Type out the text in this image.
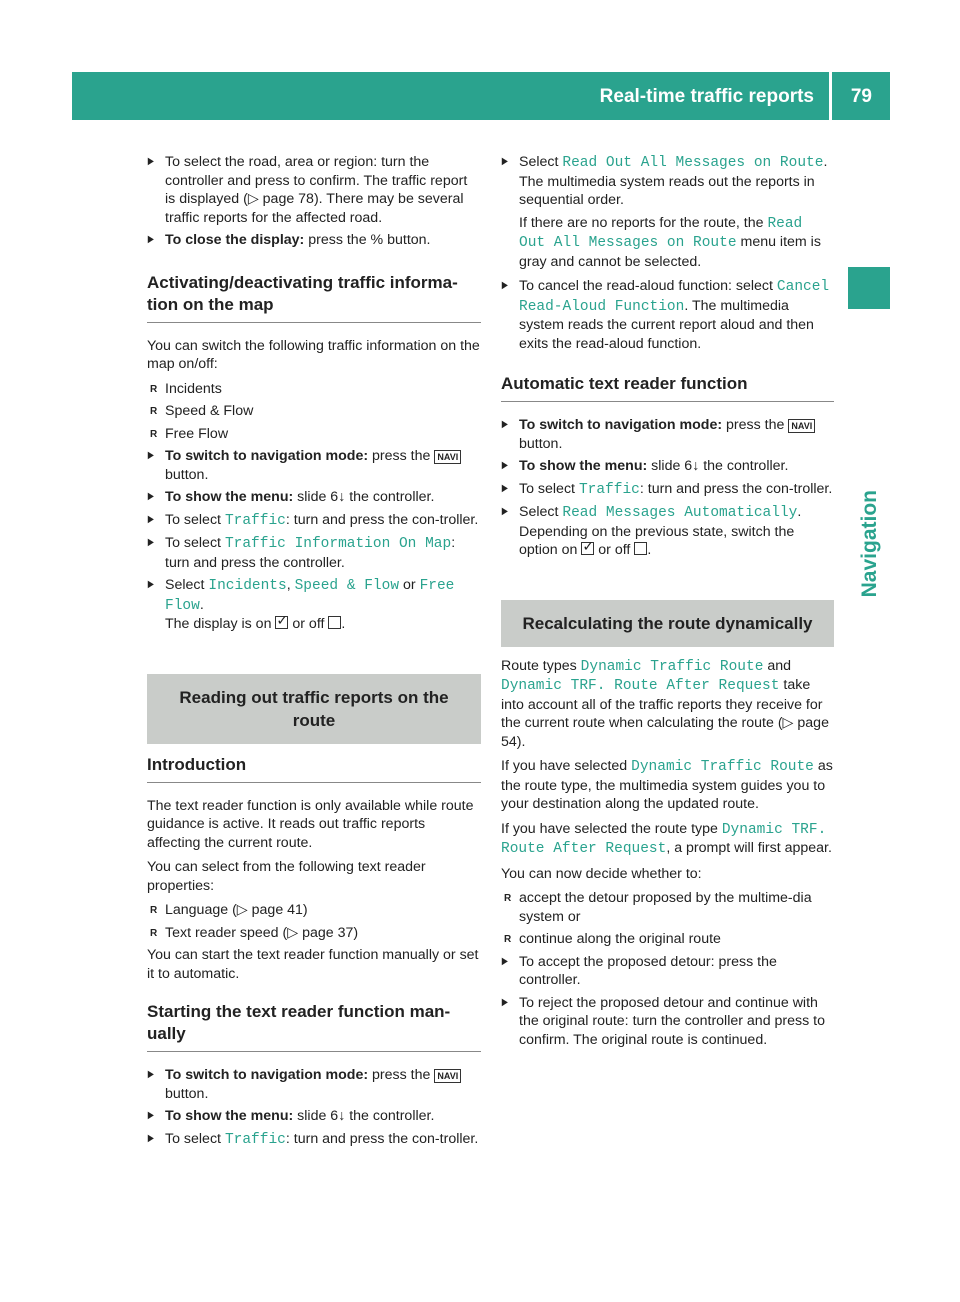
Real-time traffic reports 79
Navigation
▶ To select the road, area or region: turn the controller and press to confirm. The traffic report is displayed (▷ page 78). There may be several traffic reports for the affected road.
▶ To close the display: press the % button.
Activating/deactivating traffic informa-tion on the map

You can switch the following traffic information on the map on/off:

R Incidents
R Speed & Flow
R Free Flow
▶ To switch to navigation mode: press the NAVI button.
▶ To show the menu: slide 6↓ the controller.
▶ To select Traffic: turn and press the con-troller.
▶ To select Traffic Information On Map: turn and press the controller.
▶ Select Incidents, Speed & Flow or Free Flow.
The display is on ✓ or off .
Reading out traffic reports on the route
Introduction

The text reader function is only available while route guidance is active. It reads out traffic reports affecting the current route.

You can select from the following text reader properties:

R Language (▷ page 41)
R Text reader speed (▷ page 37)

You can start the text reader function manually or set it to automatic.

Starting the text reader function man-ually
▶ To switch to navigation mode: press the NAVI button.
▶ To show the menu: slide 6↓ the controller.
▶ To select Traffic: turn and press the con-troller.
▶ Select Read Out All Messages on Route. The multimedia system reads out the reports in sequential order.

If there are no reports for the route, the Read Out All Messages on Route menu item is gray and cannot be selected.

▶ To cancel the read-aloud function: select Cancel Read-Aloud Function. The multimedia system reads the current report aloud and then exits the read-aloud function.
Automatic text reader function
▶ To switch to navigation mode: press the NAVI button.
▶ To show the menu: slide 6↓ the controller.
▶ To select Traffic: turn and press the con-troller.
▶ Select Read Messages Automatically. Depending on the previous state, switch the option on ✓ or off .
Recalculating the route dynamically

Route types Dynamic Traffic Route and Dynamic TRF. Route After Request take into account all of the traffic reports they receive for the current route when calculating the route (▷ page 54).

If you have selected Dynamic Traffic Route as the route type, the multimedia system guides you to your destination along the updated route.

If you have selected the route type Dynamic TRF. Route After Request, a prompt will first appear.

You can now decide whether to:

R accept the detour proposed by the multime-dia system or
R continue along the original route
▶ To accept the proposed detour: press the controller.
▶ To reject the proposed detour and continue with the original route: turn the controller and press to confirm. The original route is continued.
